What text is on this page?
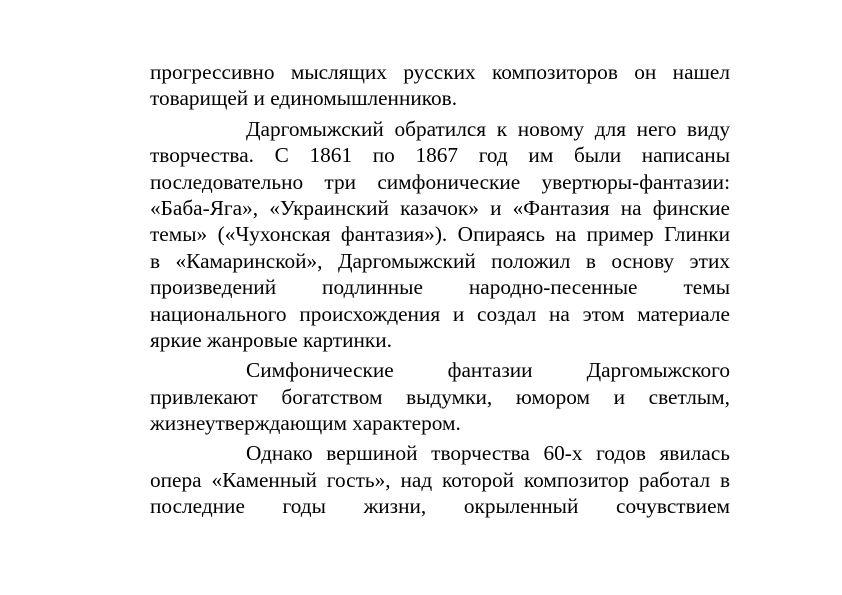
прогрессивно мыслящих русских композиторов он нашел
товарищей и единомышленников.
Даргомыжский обратился к новому для него виду
творчества. С 1861 по 1867 год им были написаны
последовательно три симфонические увертюры-фантазии:
«Баба-Яга», «Украинский казачок» и «Фантазия на финские
темы» («Чухонская фантазия»). Опираясь на пример Глинки
в «Камаринской», Даргомыжский положил в основу этих
произведений подлинные народно-песенные темы
национального происхождения и создал на этом материале
яркие жанровые картинки.
Симфонические фантазии Даргомыжского
привлекают богатством выдумки, юмором и светлым,
жизнеутверждающим характером.
Однако вершиной творчества 60-х годов явилась
опера «Каменный гость», над которой композитор работал в
последние годы жизни, окрыленный сочувствием
